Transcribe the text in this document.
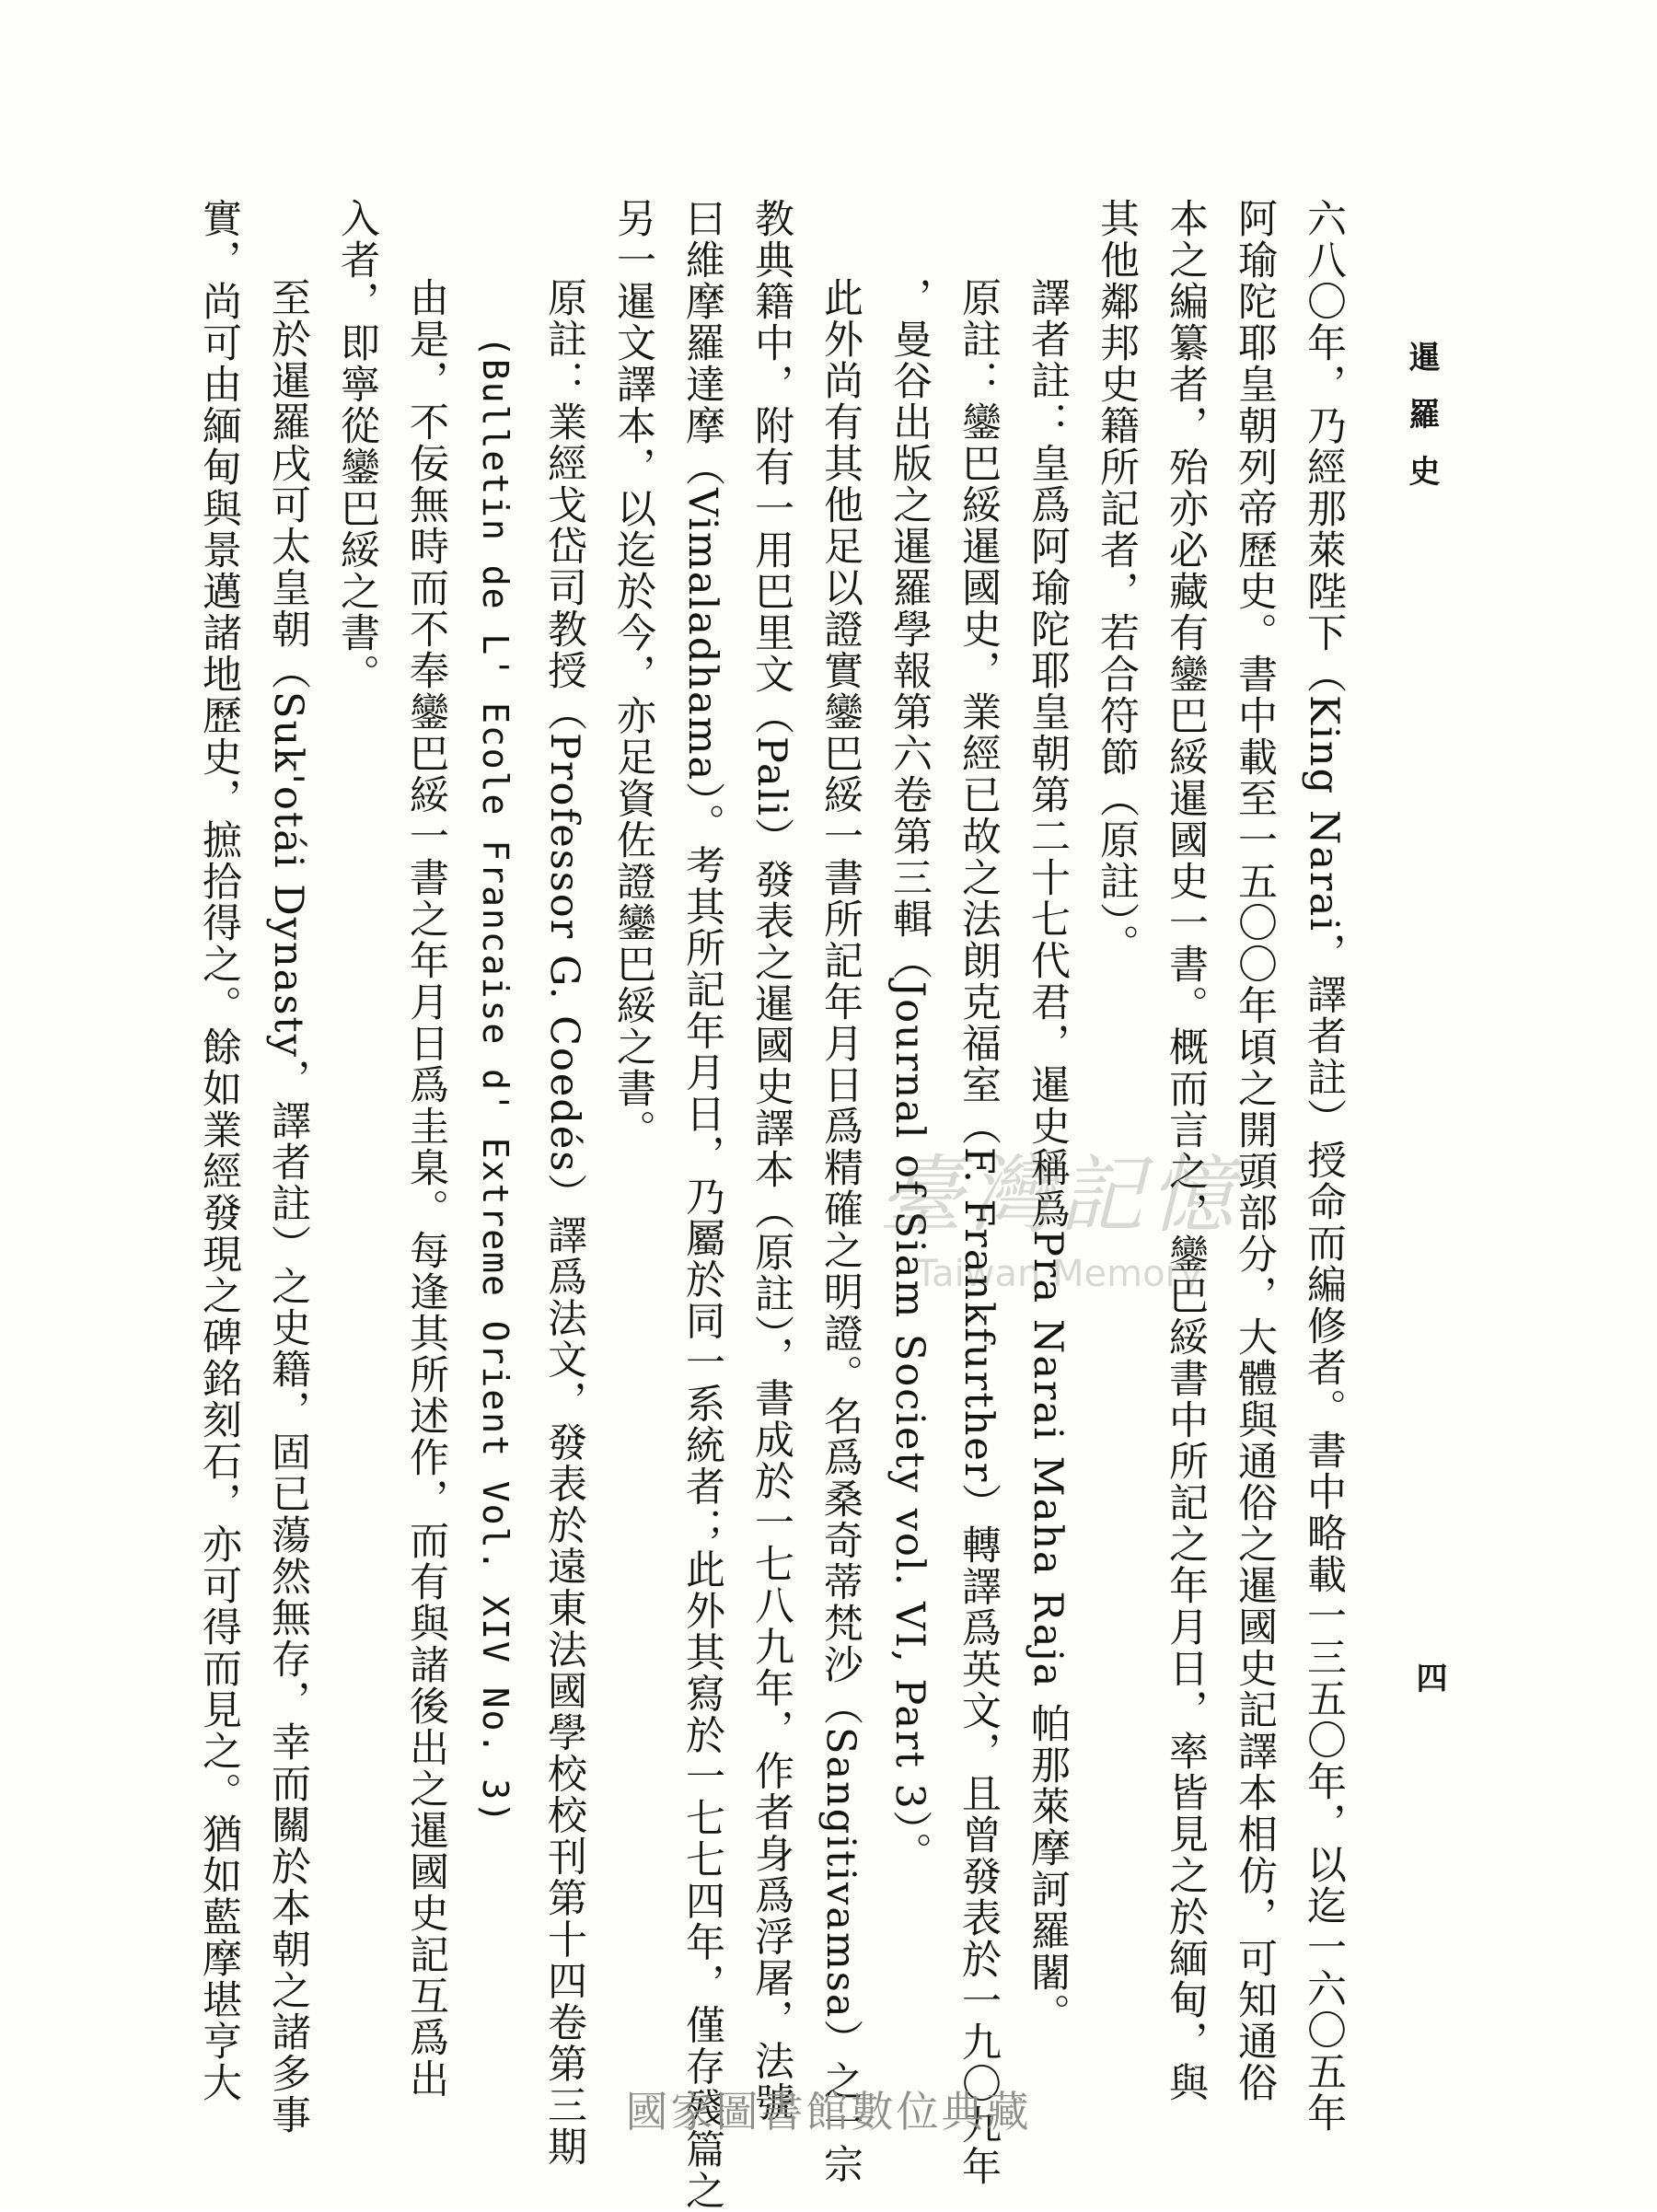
暹羅史
四
六八〇年，乃經那萊陛下（King Narai，譯者註）授命而編修者。書中略載一三五〇年，以迄一六〇五年
阿瑜陀耶皇朝列帝歷史。書中載至一五〇〇年頃之開頭部分，大體與通俗之暹國史記譯本相仿，可知通俗
本之編纂者，殆亦必藏有鑾巴綏暹國史一書。概而言之，鑾巴綏書中所記之年月日，率皆見之於緬甸，與
其他鄰邦史籍所記者，若合符節（原註）。
譯者註：皇爲阿瑜陀耶皇朝第二十七代君，暹史稱爲Pra Narai Maha Raja 帕那萊摩訶羅闍。
原註：鑾巴綏暹國史，業經已故之法朗克福室（F. Frankfurther）轉譯爲英文，且曾發表於一九〇九年
，曼谷出版之暹羅學報第六卷第三輯（Journal of Siam Society vol. VI, Part 3）。
此外尚有其他足以證實鑾巴綏一書所記年月日爲精確之明證。名爲桑奇蒂梵沙（Sangitivamsa）之一宗
教典籍中，附有一用巴里文（Pali）發表之暹國史譯本（原註），書成於一七八九年，作者身爲浮屠，法號
曰維摩羅達摩（Vimaladhama）。考其所記年月日，乃屬於同一系統者；此外其寫於一七七四年，僅存殘篇之
另一暹文譯本，以迄於今，亦足資佐證鑾巴綏之書。
原註：業經戈岱司教授（Professor G. Coedés）譯爲法文，發表於遠東法國學校校刊第十四卷第三期
(Bulletin de L' Ecole Francaise d' Extreme Orient Vol. XIV No. 3)
由是，不佞無時而不奉鑾巴綏一書之年月日爲圭臬。每逢其所述作，而有與諸後出之暹國史記互爲出
入者，即寧從鑾巴綏之書。
至於暹羅戌可太皇朝（Suk'otái Dynasty，譯者註）之史籍，固已蕩然無存，幸而關於本朝之諸多事
實，尚可由緬甸與景邁諸地歷史，摭拾得之。餘如業經發現之碑銘刻石，亦可得而見之。猶如藍摩堪亨大	臺灣記憶
Taiwan Memory
國家圖書館數位典藏
